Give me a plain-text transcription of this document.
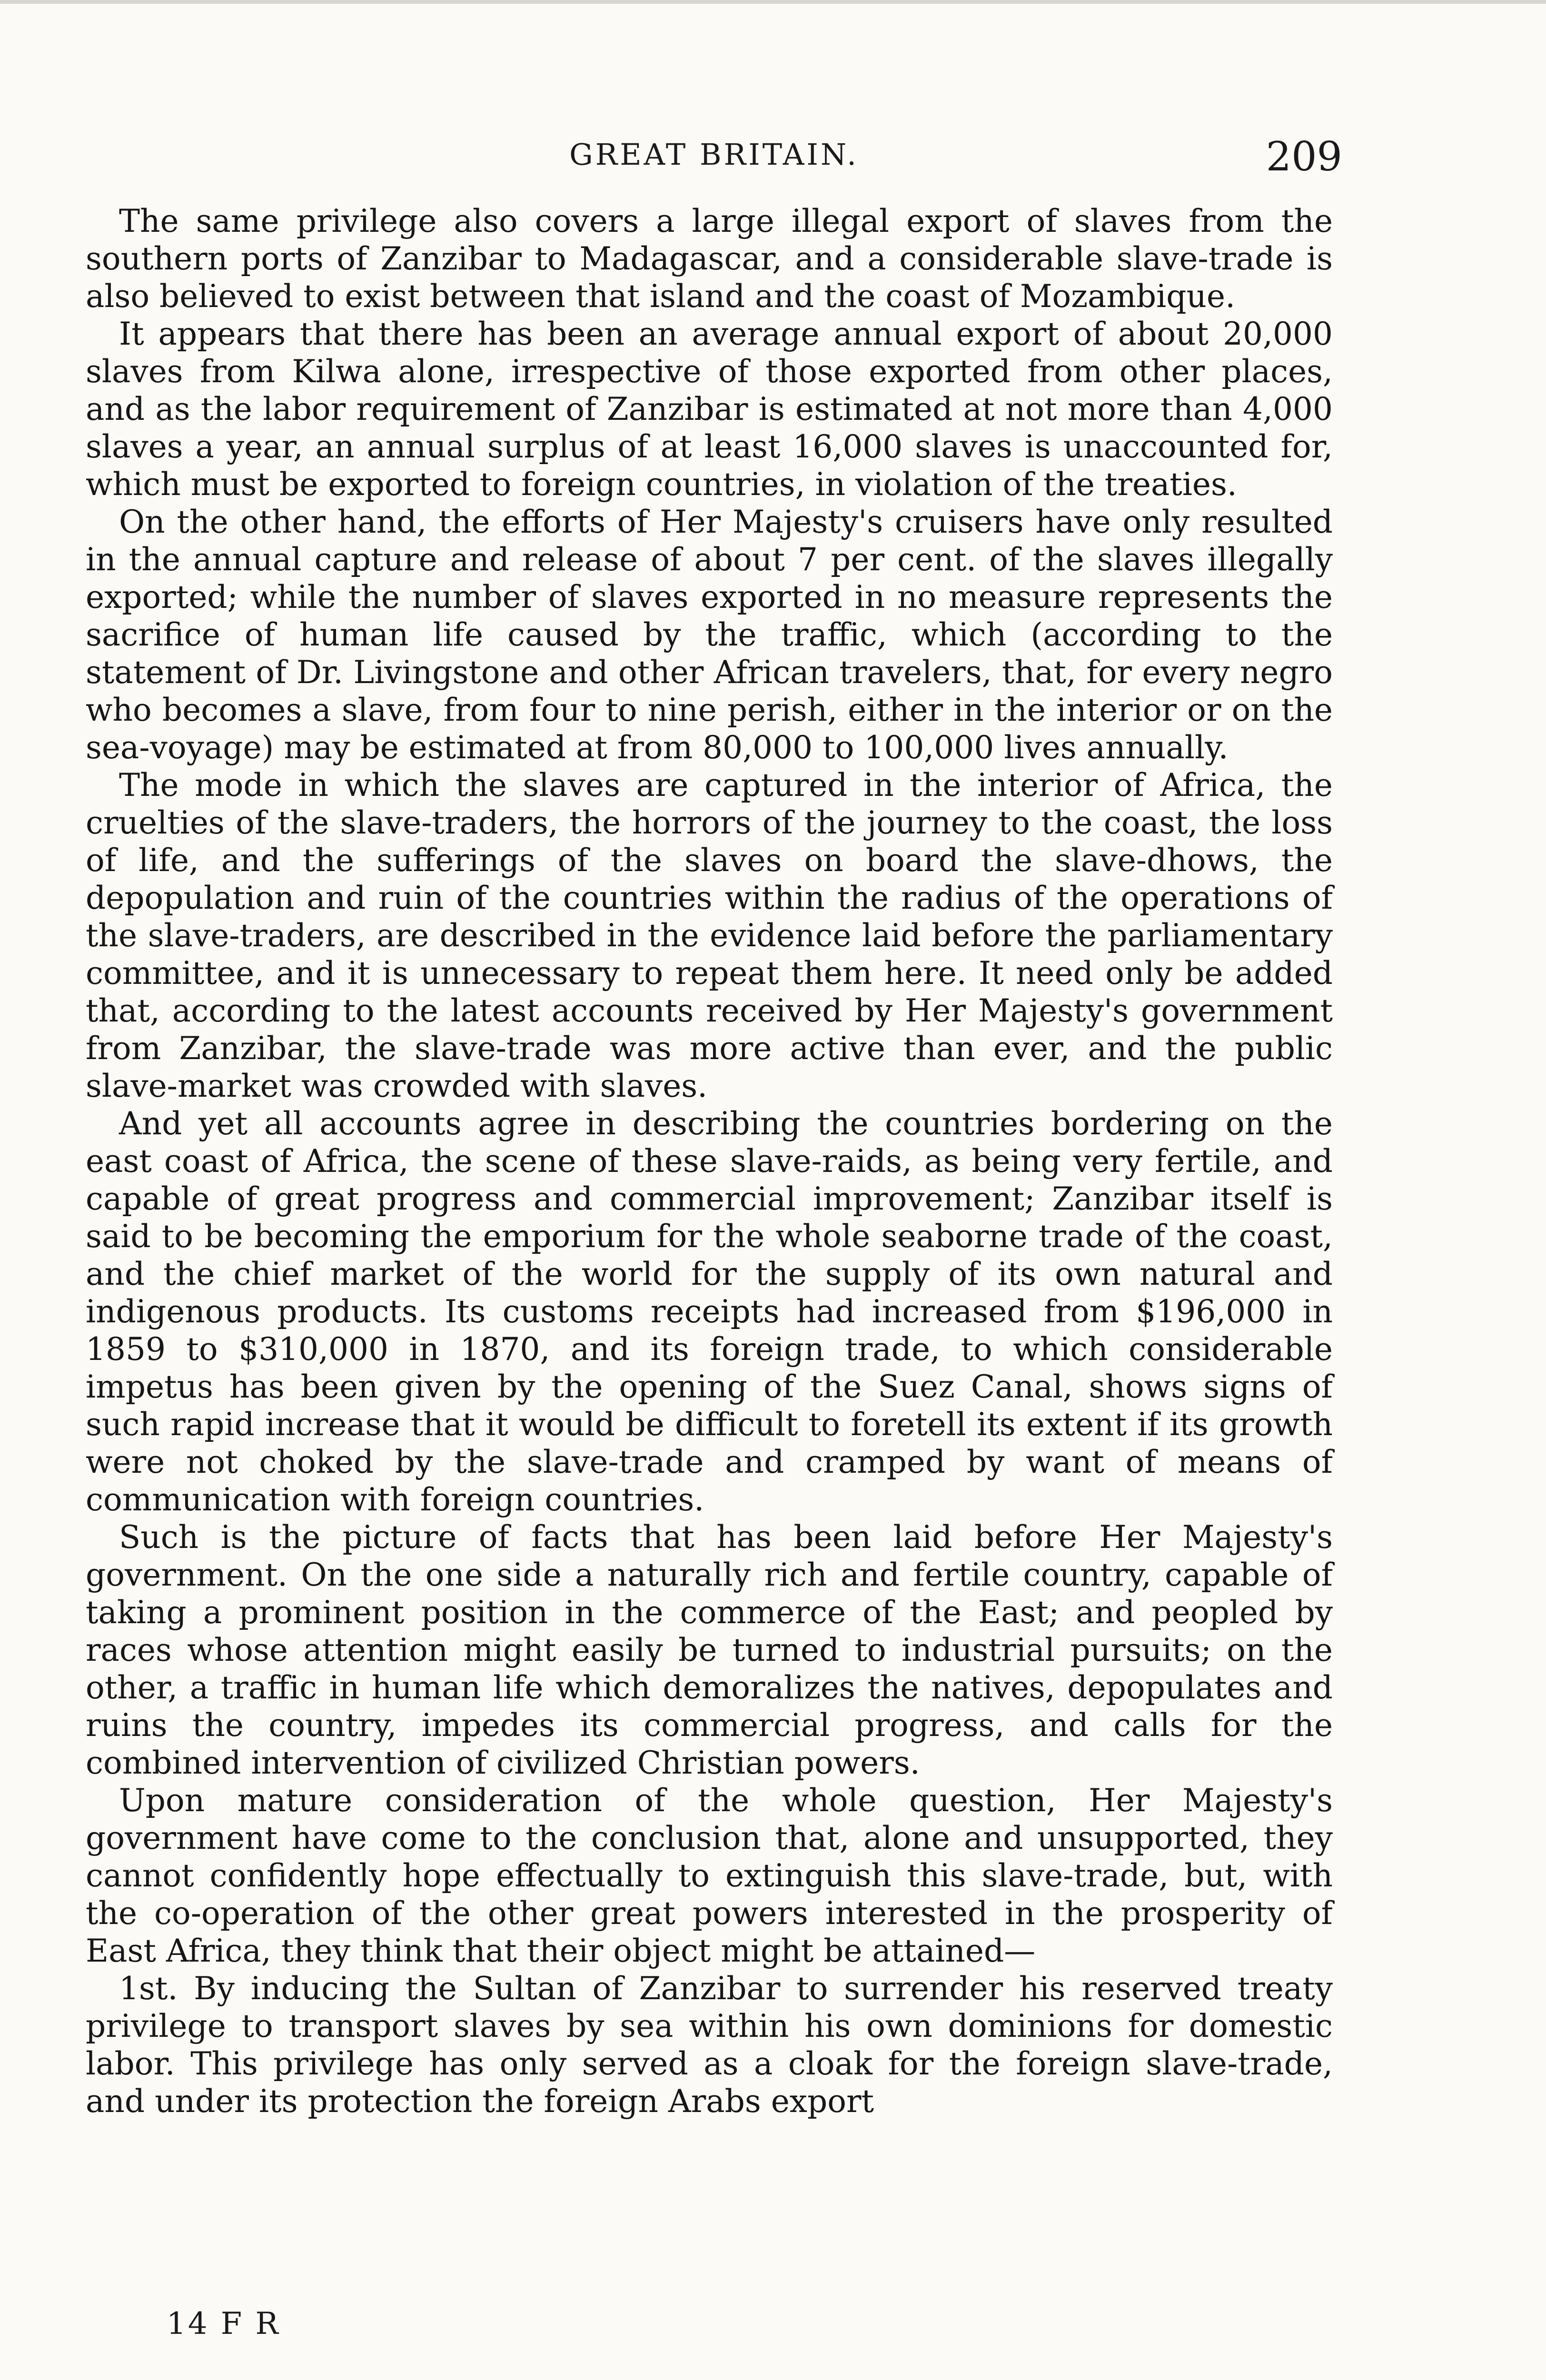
GREAT BRITAIN.	209

The same privilege also covers a large illegal export of slaves from the southern ports of Zanzibar to Madagascar, and a considerable slave-trade is also believed to exist between that island and the coast of Mozambique.

It appears that there has been an average annual export of about 20,000 slaves from Kilwa alone, irrespective of those exported from other places, and as the labor requirement of Zanzibar is estimated at not more than 4,000 slaves a year, an annual surplus of at least 16,000 slaves is unaccounted for, which must be exported to foreign countries, in violation of the treaties.

On the other hand, the efforts of Her Majesty's cruisers have only resulted in the annual capture and release of about 7 per cent. of the slaves illegally exported; while the number of slaves exported in no measure represents the sacrifice of human life caused by the traffic, which (according to the statement of Dr. Livingstone and other African travelers, that, for every negro who becomes a slave, from four to nine perish, either in the interior or on the sea-voyage) may be estimated at from 80,000 to 100,000 lives annually.

The mode in which the slaves are captured in the interior of Africa, the cruelties of the slave-traders, the horrors of the journey to the coast, the loss of life, and the sufferings of the slaves on board the slave-dhows, the depopulation and ruin of the countries within the radius of the operations of the slave-traders, are described in the evidence laid before the parliamentary committee, and it is unnecessary to repeat them here. It need only be added that, according to the latest accounts received by Her Majesty's government from Zanzibar, the slave-trade was more active than ever, and the public slave-market was crowded with slaves.

And yet all accounts agree in describing the countries bordering on the east coast of Africa, the scene of these slave-raids, as being very fertile, and capable of great progress and commercial improvement; Zanzibar itself is said to be becoming the emporium for the whole seaborne trade of the coast, and the chief market of the world for the supply of its own natural and indigenous products. Its customs receipts had increased from $196,000 in 1859 to $310,000 in 1870, and its foreign trade, to which considerable impetus has been given by the opening of the Suez Canal, shows signs of such rapid increase that it would be difficult to foretell its extent if its growth were not choked by the slave-trade and cramped by want of means of communication with foreign countries.

Such is the picture of facts that has been laid before Her Majesty's government. On the one side a naturally rich and fertile country, capable of taking a prominent position in the commerce of the East; and peopled by races whose attention might easily be turned to industrial pursuits; on the other, a traffic in human life which demoralizes the natives, depopulates and ruins the country, impedes its commercial progress, and calls for the combined intervention of civilized Christian powers.

Upon mature consideration of the whole question, Her Majesty's government have come to the conclusion that, alone and unsupported, they cannot confidently hope effectually to extinguish this slave-trade, but, with the co-operation of the other great powers interested in the prosperity of East Africa, they think that their object might be attained—

1st. By inducing the Sultan of Zanzibar to surrender his reserved treaty privilege to transport slaves by sea within his own dominions for domestic labor. This privilege has only served as a cloak for the foreign slave-trade, and under its protection the foreign Arabs export

14 F R
